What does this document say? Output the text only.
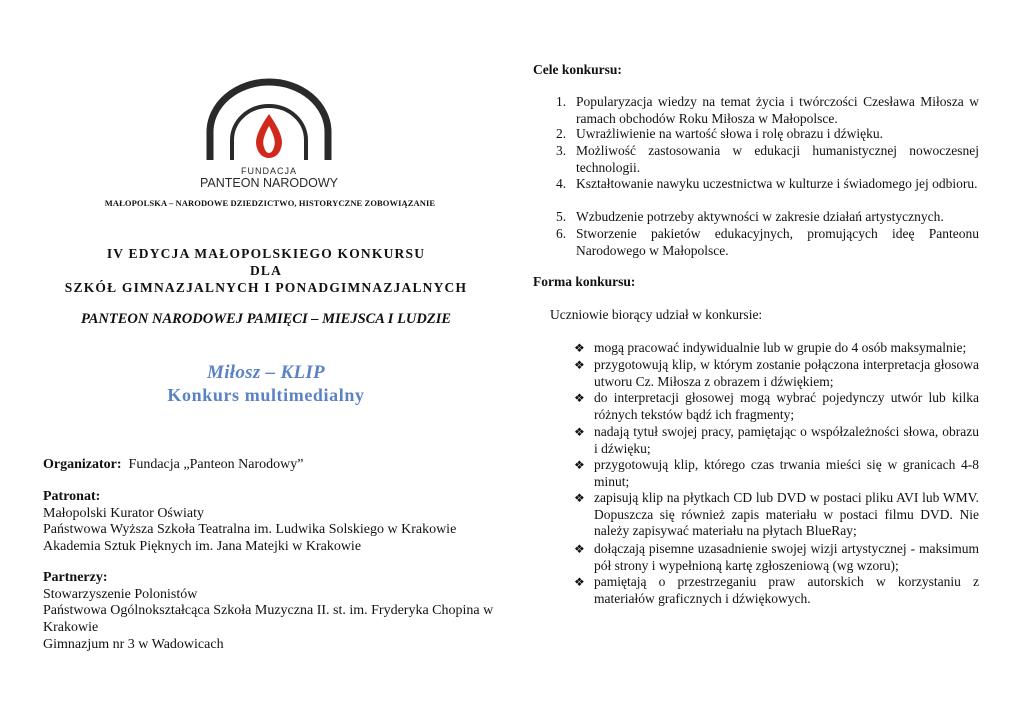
FUNDACJA
PANTEON NARODOWY
MAŁOPOLSKA – NARODOWE DZIEDZICTWO, HISTORYCZNE ZOBOWIĄZANIE
IV EDYCJA MAŁOPOLSKIEGO KONKURSU
DLA
SZKÓŁ GIMNAZJALNYCH I PONADGIMNAZJALNYCH
PANTEON NARODOWEJ PAMIĘCI – MIEJSCA I LUDZIE
Miłosz – KLIP
Konkurs multimedialny
Organizator: Fundacja „Panteon Narodowy”
Patronat:
Małopolski Kurator Oświaty
Państwowa Wyższa Szkoła Teatralna im. Ludwika Solskiego w Krakowie
Akademia Sztuk Pięknych im. Jana Matejki w Krakowie
Partnerzy:
Stowarzyszenie Polonistów
Państwowa Ogólnokształcąca Szkoła Muzyczna II. st. im. Fryderyka Chopina w Krakowie
Gimnazjum nr 3 w Wadowicach
Cele konkursu:
1. Popularyzacja wiedzy na temat życia i twórczości Czesława Miłosza w ramach obchodów Roku Miłosza w Małopolsce.
2. Uwrażliwienie na wartość słowa i rolę obrazu i dźwięku.
3. Możliwość zastosowania w edukacji humanistycznej nowoczesnej technologii.
4. Kształtowanie nawyku uczestnictwa w kulturze i świadomego jej odbioru.
5. Wzbudzenie potrzeby aktywności w zakresie działań artystycznych.
6. Stworzenie pakietów edukacyjnych, promujących ideę Panteonu Narodowego w Małopolsce.
Forma konkursu:
Uczniowie biorący udział w konkursie:
❖ mogą pracować indywidualnie lub w grupie do 4 osób maksymalnie;
❖ przygotowują klip, w którym zostanie połączona interpretacja głosowa utworu Cz. Miłosza z obrazem i dźwiękiem;
❖ do interpretacji głosowej mogą wybrać pojedynczy utwór lub kilka różnych tekstów bądź ich fragmenty;
❖ nadają tytuł swojej pracy, pamiętając o współzależności słowa, obrazu i dźwięku;
❖ przygotowują klip, którego czas trwania mieści się w granicach 4-8 minut;
❖ zapisują klip na płytkach CD lub DVD w postaci pliku AVI lub WMV. Dopuszcza się również zapis materiału w postaci filmu DVD. Nie należy zapisywać materiału na płytach BlueRay;
❖ dołączają pisemne uzasadnienie swojej wizji artystycznej - maksimum pół strony i wypełnioną kartę zgłoszeniową (wg wzoru);
❖ pamiętają o przestrzeganiu praw autorskich w korzystaniu z materiałów graficznych i dźwiękowych.
